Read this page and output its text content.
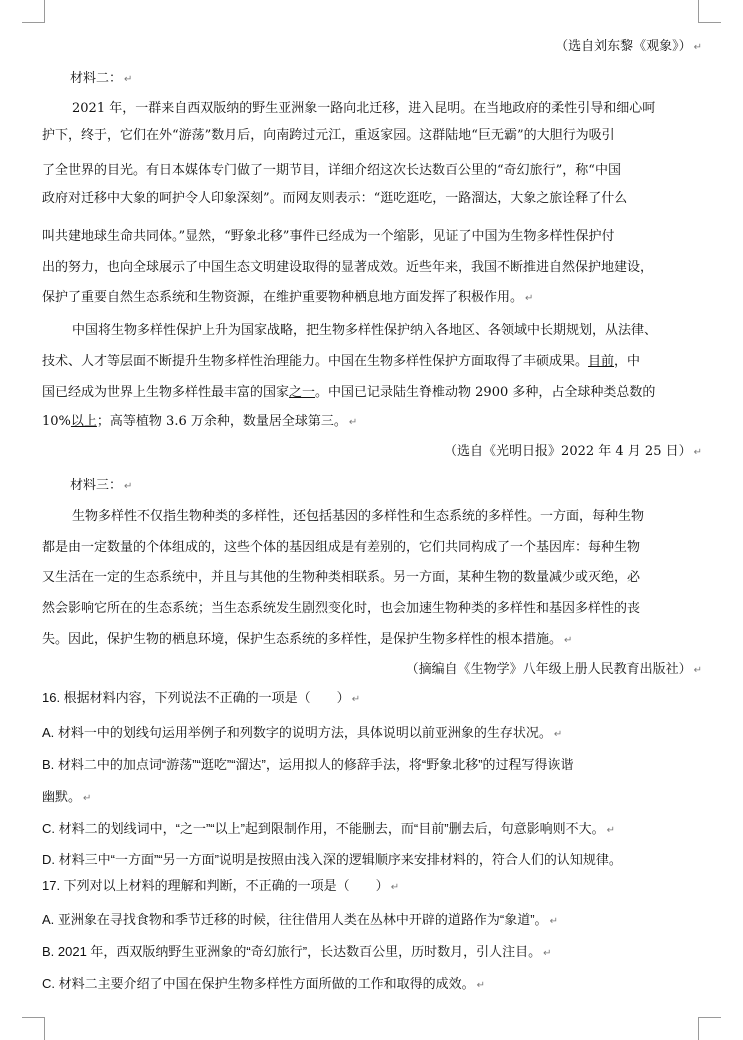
（选自刘东黎《观象》） ↵
材料二： ↵
2021 年，一群来自西双版纳的野生亚洲象一路向北迁移，进入昆明。在当地政府的柔性引导和细心呵
护下，终于，它们在外“游荡”数月后，向南跨过元江，重返家园。这群陆地“巨无霸”的大胆行为吸引
了全世界的目光。有日本媒体专门做了一期节目，详细介绍这次长达数百公里的“奇幻旅行”，称“中国
政府对迁移中大象的呵护令人印象深刻”。而网友则表示：“逛吃逛吃，一路溜达，大象之旅诠释了什么
叫共建地球生命共同体。”显然，“野象北移”事件已经成为一个缩影，见证了中国为生物多样性保护付
出的努力，也向全球展示了中国生态文明建设取得的显著成效。近些年来，我国不断推进自然保护地建设，
保护了重要自然生态系统和生物资源，在维护重要物种栖息地方面发挥了积极作用。 ↵
中国将生物多样性保护上升为国家战略，把生物多样性保护纳入各地区、各领域中长期规划，从法律、
技术、人才等层面不断提升生物多样性治理能力。中国在生物多样性保护方面取得了丰硕成果。目前，中
国已经成为世界上生物多样性最丰富的国家之一。中国已记录陆生脊椎动物 2900 多种，占全球种类总数的
10%以上；高等植物 3.6 万余种，数量居全球第三。 ↵
（选自《光明日报》2022 年 4 月 25 日） ↵
材料三： ↵
生物多样性不仅指生物种类的多样性，还包括基因的多样性和生态系统的多样性。一方面，每种生物
都是由一定数量的个体组成的，这些个体的基因组成是有差别的，它们共同构成了一个基因库：每种生物
又生活在一定的生态系统中，并且与其他的生物种类相联系。另一方面，某种生物的数量减少或灭绝，必
然会影响它所在的生态系统；当生态系统发生剧烈变化时，也会加速生物种类的多样性和基因多样性的丧
失。因此，保护生物的栖息环境，保护生态系统的多样性，是保护生物多样性的根本措施。 ↵
（摘编自《生物学》八年级上册人民教育出版社） ↵
16. 根据材料内容，下列说法不正确的一项是（　　） ↵
A. 材料一中的划线句运用举例子和列数字的说明方法，具体说明以前亚洲象的生存状况。 ↵
B. 材料二中的加点词“游荡”“逛吃”“溜达”，运用拟人的修辞手法，将“野象北移”的过程写得诙谐
幽默。 ↵
C. 材料二的划线词中，“之一”“以上”起到限制作用，不能删去，而“目前”删去后，句意影响则不大。 ↵
D. 材料三中“一方面”“另一方面”说明是按照由浅入深的逻辑顺序来安排材料的，符合人们的认知规律。
17. 下列对以上材料的理解和判断，不正确的一项是（　　） ↵
A. 亚洲象在寻找食物和季节迁移的时候，往往借用人类在丛林中开辟的道路作为“象道”。 ↵
B. 2021 年，西双版纳野生亚洲象的“奇幻旅行”，长达数百公里，历时数月，引人注目。 ↵
C. 材料二主要介绍了中国在保护生物多样性方面所做的工作和取得的成效。 ↵
